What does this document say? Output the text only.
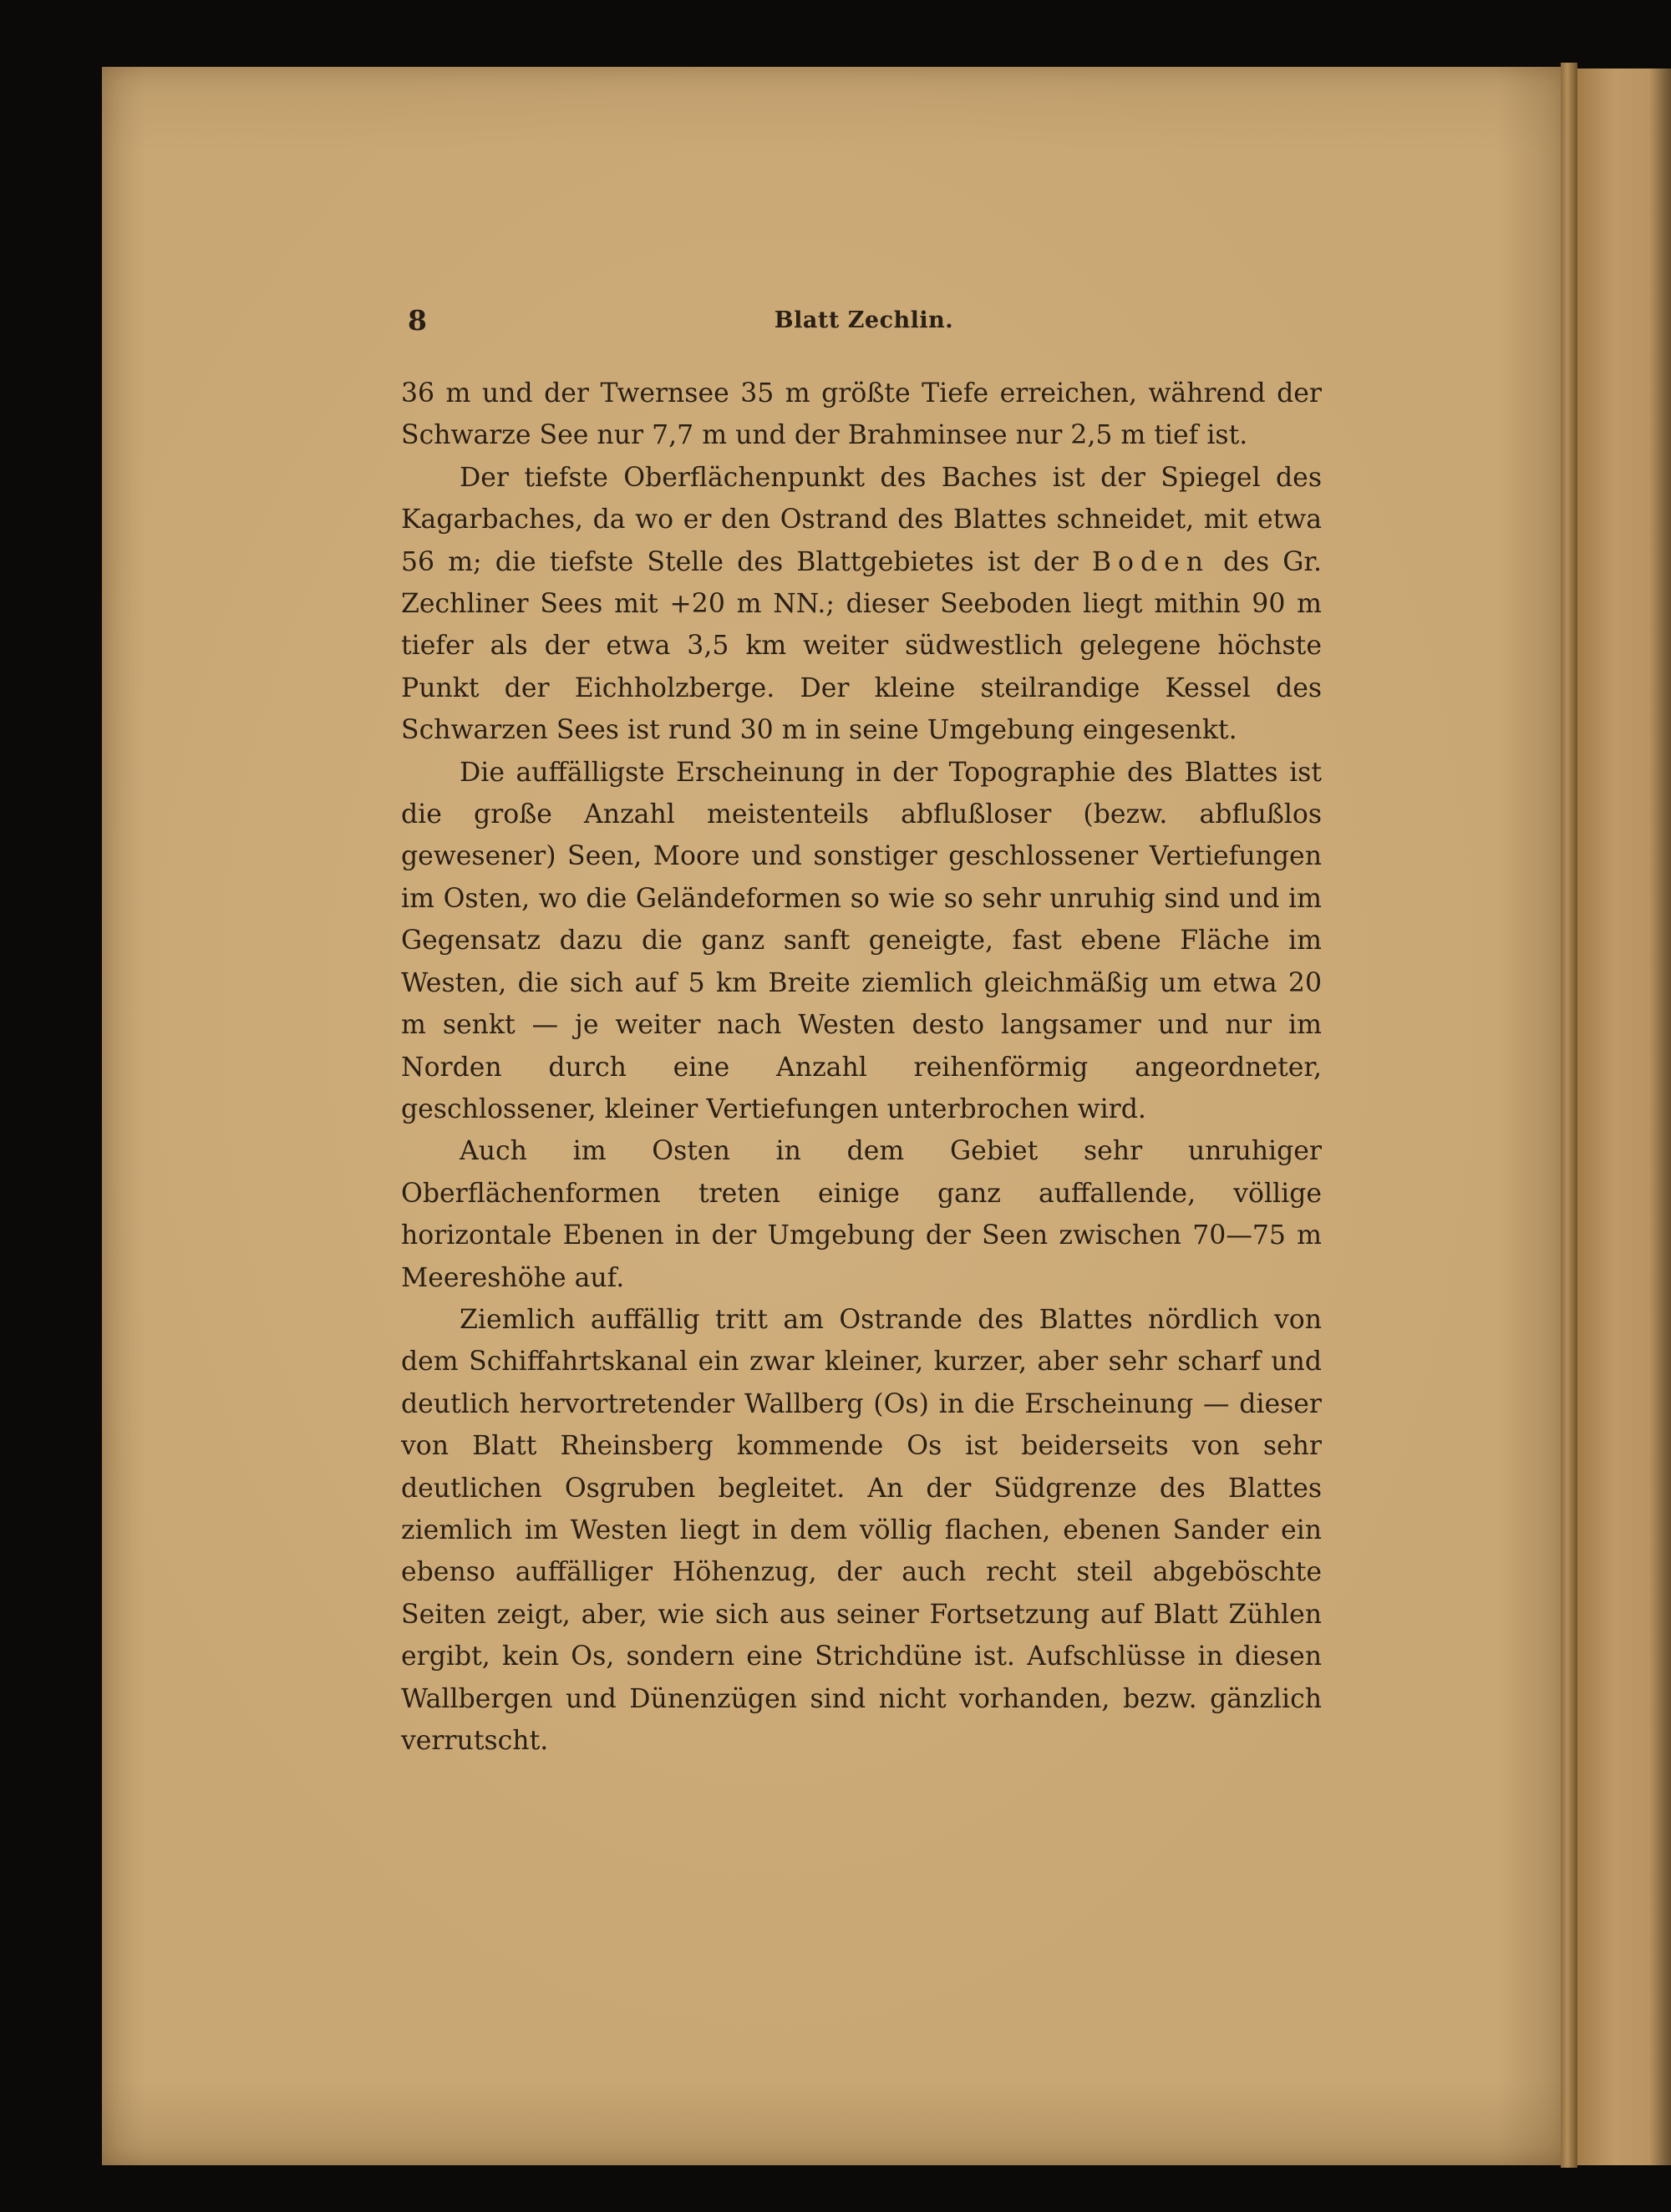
8	Blatt Zechlin.

36 m und der Twernsee 35 m größte Tiefe erreichen, während der Schwarze See nur 7,7 m und der Brahminsee nur 2,5 m tief ist.

Der tiefste Oberflächenpunkt des Baches ist der Spiegel des Kagarbaches, da wo er den Ostrand des Blattes schneidet, mit etwa 56 m; die tiefste Stelle des Blattgebietes ist der Boden des Gr. Zechliner Sees mit +20 m NN.; dieser Seeboden liegt mithin 90 m tiefer als der etwa 3,5 km weiter südwestlich gelegene höchste Punkt der Eichholzberge. Der kleine steilrandige Kessel des Schwarzen Sees ist rund 30 m in seine Umgebung eingesenkt.

Die auffälligste Erscheinung in der Topographie des Blattes ist die große Anzahl meistenteils abflußloser (bezw. abflußlos gewesener) Seen, Moore und sonstiger geschlossener Vertiefungen im Osten, wo die Geländeformen so wie so sehr unruhig sind und im Gegensatz dazu die ganz sanft geneigte, fast ebene Fläche im Westen, die sich auf 5 km Breite ziemlich gleichmäßig um etwa 20 m senkt — je weiter nach Westen desto langsamer und nur im Norden durch eine Anzahl reihenförmig angeordneter, geschlossener, kleiner Vertiefungen unterbrochen wird.

Auch im Osten in dem Gebiet sehr unruhiger Oberflächenformen treten einige ganz auffallende, völlige horizontale Ebenen in der Umgebung der Seen zwischen 70—75 m Meereshöhe auf.

Ziemlich auffällig tritt am Ostrande des Blattes nördlich von dem Schiffahrtskanal ein zwar kleiner, kurzer, aber sehr scharf und deutlich hervortretender Wallberg (Os) in die Erscheinung — dieser von Blatt Rheinsberg kommende Os ist beiderseits von sehr deutlichen Osgruben begleitet. An der Südgrenze des Blattes ziemlich im Westen liegt in dem völlig flachen, ebenen Sander ein ebenso auffälliger Höhenzug, der auch recht steil abgeböschte Seiten zeigt, aber, wie sich aus seiner Fortsetzung auf Blatt Zühlen ergibt, kein Os, sondern eine Strichdüne ist. Aufschlüsse in diesen Wallbergen und Dünenzügen sind nicht vorhanden, bezw. gänzlich verrutscht.
